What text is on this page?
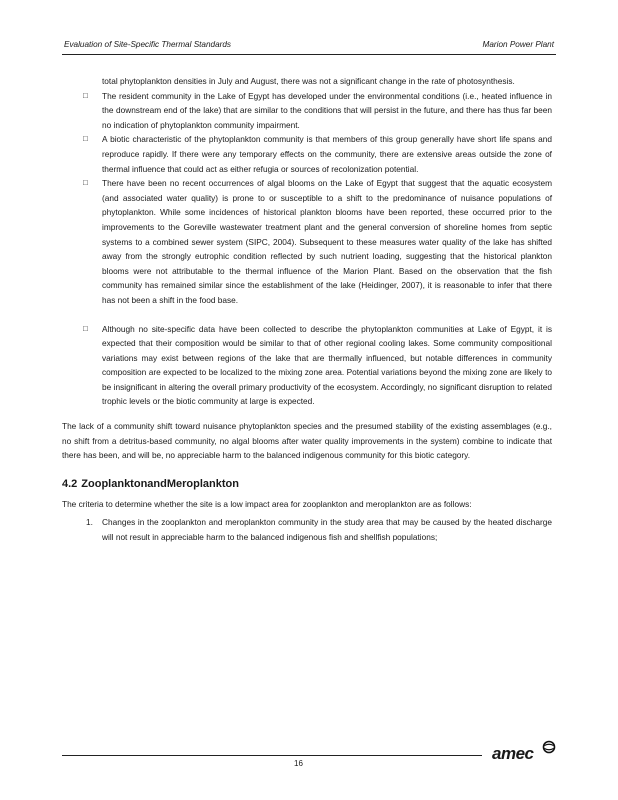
Evaluation of Site-Specific Thermal Standards	Marion Power Plant

total phytoplankton densities in July and August, there was not a significant change in the rate of photosynthesis.

□ The resident community in the Lake of Egypt has developed under the environmental conditions (i.e., heated influence in the downstream end of the lake) that are similar to the conditions that will persist in the future, and there has thus far been no indication of phytoplankton community impairment.
□ A biotic characteristic of the phytoplankton community is that members of this group generally have short life spans and reproduce rapidly. If there were any temporary effects on the community, there are extensive areas outside the zone of thermal influence that could act as either refugia or sources of recolonization potential.
□ There have been no recent occurrences of algal blooms on the Lake of Egypt that suggest that the aquatic ecosystem (and associated water quality) is prone to or susceptible to a shift to the predominance of nuisance populations of phytoplankton. While some incidences of historical plankton blooms have been reported, these occurred prior to the improvements to the Goreville wastewater treatment plant and the general conversion of shoreline homes from septic systems to a combined sewer system (SIPC, 2004). Subsequent to these measures water quality of the lake has shifted away from the strongly eutrophic condition reflected by such nutrient loading, suggesting that the historical plankton blooms were not attributable to the thermal influence of the Marion Plant. Based on the observation that the fish community has remained similar since the establishment of the lake (Heidinger, 2007), it is reasonable to infer that there has not been a shift in the food base.
□ Although no site-specific data have been collected to describe the phytoplankton communities at Lake of Egypt, it is expected that their composition would be similar to that of other regional cooling lakes. Some community compositional variations may exist between regions of the lake that are thermally influenced, but notable differences in community composition are expected to be localized to the mixing zone area. Potential variations beyond the mixing zone are likely to be insignificant in altering the overall primary productivity of the ecosystem. Accordingly, no significant disruption to related trophic levels or the biotic community at large is expected.

The lack of a community shift toward nuisance phytoplankton species and the presumed stability of the existing assemblages (e.g., no shift from a detritus-based community, no algal blooms after water quality improvements in the system) combine to indicate that there has been, and will be, no appreciable harm to the balanced indigenous community for this biotic category.

4.2 ZooplanktonandMeroplankton

The criteria to determine whether the site is a low impact area for zooplankton and meroplankton are as follows:

1. Changes in the zooplankton and meroplankton community in the study area that may be caused by the heated discharge will not result in appreciable harm to the balanced indigenous fish and shellfish populations;
16
amec
